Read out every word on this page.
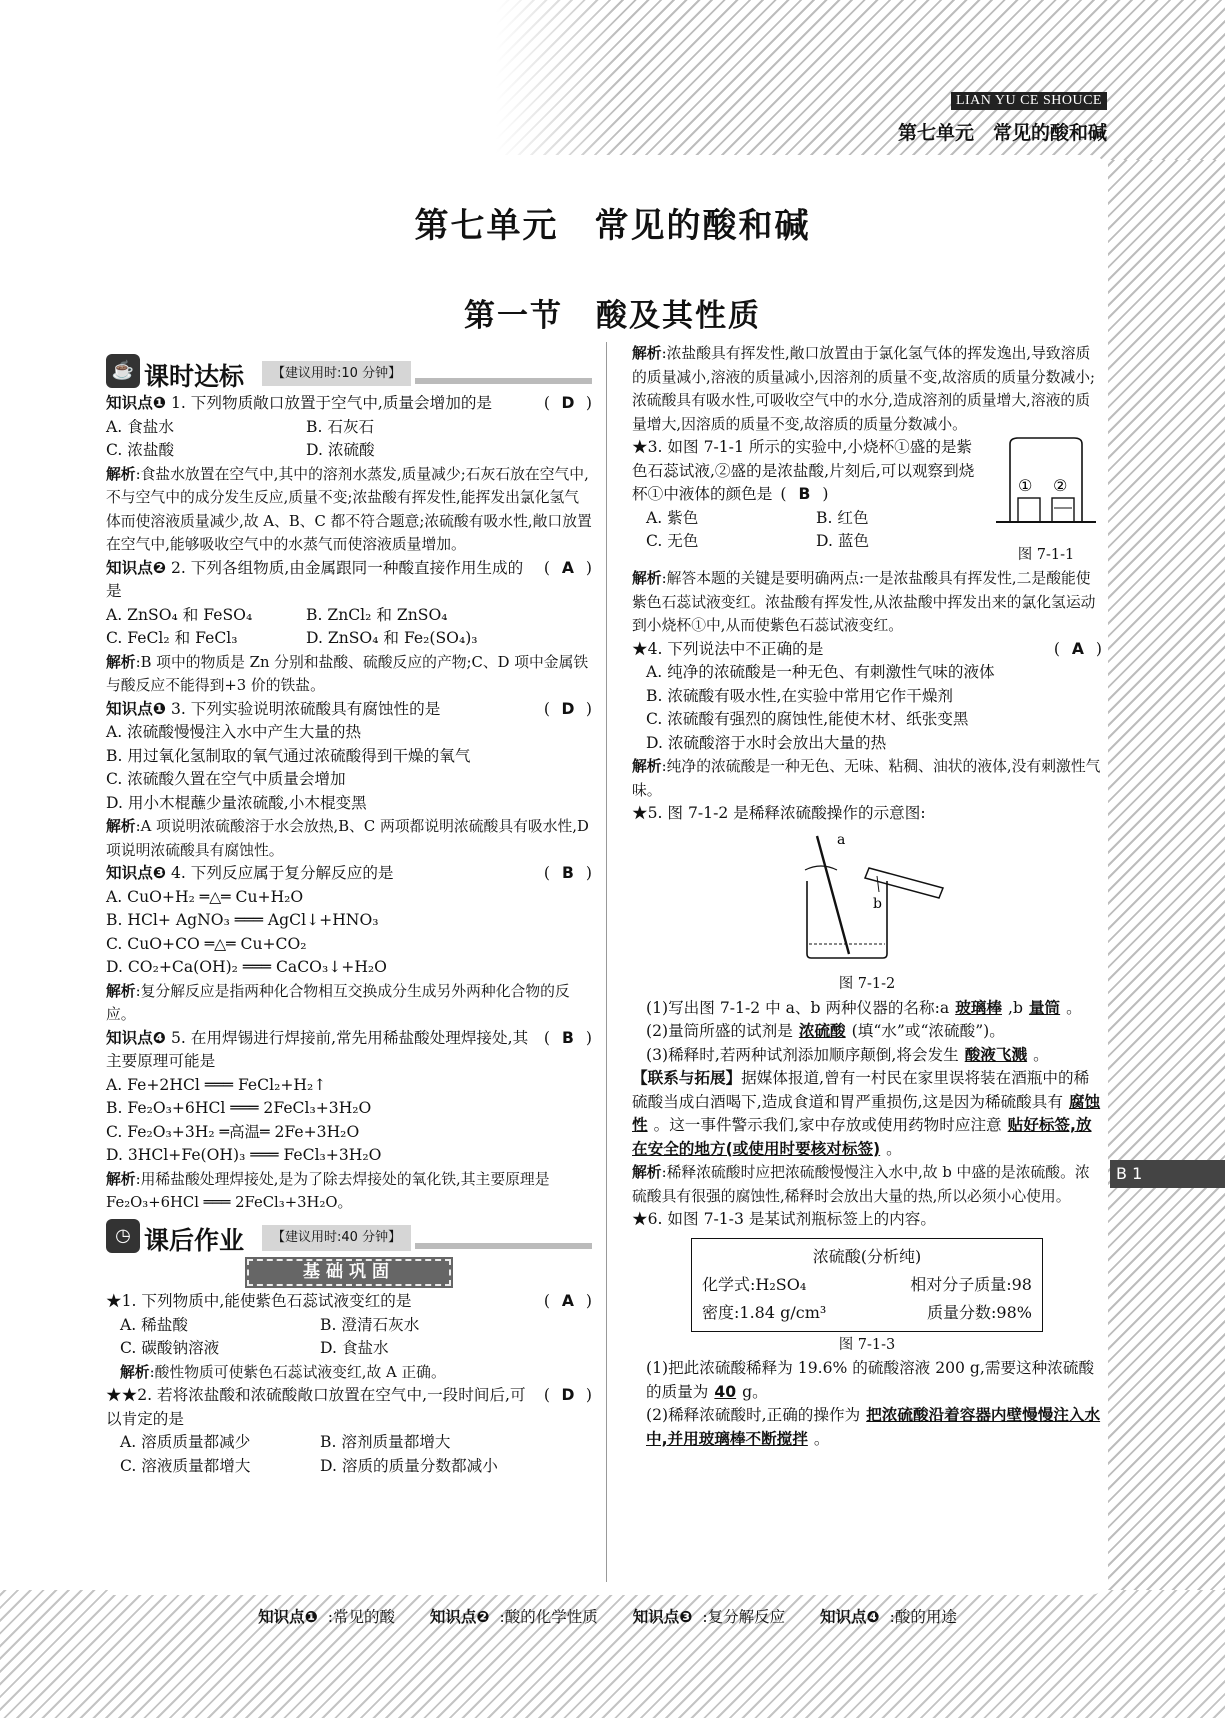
LIAN YU CE SHOUCE
第七单元　常见的酸和碱
第七单元　常见的酸和碱
第一节　酸及其性质
☕ 课时达标	【建议用时:10 分钟】

知识点❶ 1. 下列物质敞口放置于空气中,质量会增加的是	( D )
A. 食盐水	B. 石灰石
C. 浓盐酸	D. 浓硫酸

解析:食盐水放置在空气中,其中的溶剂水蒸发,质量减少;石灰石放在空气中,不与空气中的成分发生反应,质量不变;浓盐酸有挥发性,能挥发出氯化氢气体而使溶液质量减少,故 A、B、C 都不符合题意;浓硫酸有吸水性,敞口放置在空气中,能够吸收空气中的水蒸气而使溶液质量增加。

知识点❷ 2. 下列各组物质,由金属跟同一种酸直接作用生成的是

( A )
A. ZnSO₄ 和 FeSO₄	B. ZnCl₂ 和 ZnSO₄
C. FeCl₂ 和 FeCl₃	D. ZnSO₄ 和 Fe₂(SO₄)₃

解析:B 项中的物质是 Zn 分别和盐酸、硫酸反应的产物;C、D 项中金属铁与酸反应不能得到+3 价的铁盐。

知识点❶ 3. 下列实验说明浓硫酸具有腐蚀性的是	( D )

A. 浓硫酸慢慢注入水中产生大量的热

B. 用过氧化氢制取的氧气通过浓硫酸得到干燥的氧气

C. 浓硫酸久置在空气中质量会增加

D. 用小木棍蘸少量浓硫酸,小木棍变黑

解析:A 项说明浓硫酸溶于水会放热,B、C 两项都说明浓硫酸具有吸水性,D 项说明浓硫酸具有腐蚀性。

知识点❸ 4. 下列反应属于复分解反应的是	( B )

A. CuO+H₂ ═△═ Cu+H₂O

B. HCl+ AgNO₃ ═══ AgCl↓+HNO₃

C. CuO+CO ═△═ Cu+CO₂

D. CO₂+Ca(OH)₂ ═══ CaCO₃↓+H₂O

解析:复分解反应是指两种化合物相互交换成分生成另外两种化合物的反应。

知识点❹ 5. 在用焊锡进行焊接前,常先用稀盐酸处理焊接处,其主要原理可能是

( B )

A. Fe+2HCl ═══ FeCl₂+H₂↑

B. Fe₂O₃+6HCl ═══ 2FeCl₃+3H₂O

C. Fe₂O₃+3H₂ ═高温═ 2Fe+3H₂O

D. 3HCl+Fe(OH)₃ ═══ FeCl₃+3H₂O

解析:用稀盐酸处理焊接处,是为了除去焊接处的氧化铁,其主要原理是 Fe₂O₃+6HCl ═══ 2FeCl₃+3H₂O。

◷ 课后作业	【建议用时:40 分钟】
基础巩固

★1. 下列物质中,能使紫色石蕊试液变红的是	( A )
A. 稀盐酸	B. 澄清石灰水
C. 碳酸钠溶液	D. 食盐水

解析:酸性物质可使紫色石蕊试液变红,故 A 正确。

★★2. 若将浓盐酸和浓硫酸敞口放置在空气中,一段时间后,可以肯定的是

( D )
A. 溶质质量都减少	B. 溶剂质量都增大
C. 溶液质量都增大	D. 溶质的质量分数都减小

解析:浓盐酸具有挥发性,敞口放置由于氯化氢气体的挥发逸出,导致溶质的质量减小,溶液的质量减小,因溶剂的质量不变,故溶质的质量分数减小;浓硫酸具有吸水性,可吸收空气中的水分,造成溶剂的质量增大,溶液的质量增大,因溶质的质量不变,故溶质的质量分数减小。

① ②
图 7-1-1

★3. 如图 7-1-1 所示的实验中,小烧杯①盛的是紫色石蕊试液,②盛的是浓盐酸,片刻后,可以观察到烧杯①中液体的颜色是 ( B )

A. 紫色	B. 红色
C. 无色	D. 蓝色

解析:解答本题的关键是要明确两点:一是浓盐酸具有挥发性,二是酸能使紫色石蕊试液变红。浓盐酸有挥发性,从浓盐酸中挥发出来的氯化氢运动到小烧杯①中,从而使紫色石蕊试液变红。

★4. 下列说法中不正确的是	( A )

A. 纯净的浓硫酸是一种无色、有刺激性气味的液体

B. 浓硫酸有吸水性,在实验中常用它作干燥剂

C. 浓硫酸有强烈的腐蚀性,能使木材、纸张变黑

D. 浓硫酸溶于水时会放出大量的热

解析:纯净的浓硫酸是一种无色、无味、粘稠、油状的液体,没有刺激性气味。

★5. 图 7-1-2 是稀释浓硫酸操作的示意图:

a
b
图 7-1-2

(1)写出图 7-1-2 中 a、b 两种仪器的名称:a 玻璃棒 ,b 量筒 。

(2)量筒所盛的试剂是 浓硫酸 (填“水”或“浓硫酸”)。

(3)稀释时,若两种试剂添加顺序颠倒,将会发生 酸液飞溅 。

【联系与拓展】据媒体报道,曾有一村民在家里误将装在酒瓶中的稀硫酸当成白酒喝下,造成食道和胃严重损伤,这是因为稀硫酸具有 腐蚀性 。这一事件警示我们,家中存放或使用药物时应注意 贴好标签,放在安全的地方(或使用时要核对标签) 。

解析:稀释浓硫酸时应把浓硫酸慢慢注入水中,故 b 中盛的是浓硫酸。浓硫酸具有很强的腐蚀性,稀释时会放出大量的热,所以必须小心使用。

★6. 如图 7-1-3 是某试剂瓶标签上的内容。

浓硫酸(分析纯)
化学式:H₂SO₄	相对分子质量:98
密度:1.84 g/cm³	质量分数:98%
图 7-1-3

(1)把此浓硫酸稀释为 19.6% 的硫酸溶液 200 g,需要这种浓硫酸的质量为 40 g。

(2)稀释浓硫酸时,正确的操作为 把浓硫酸沿着容器内壁慢慢注入水中,并用玻璃棒不断搅拌 。

B 1
知识点❶ :常见的酸 知识点❷ :酸的化学性质 知识点❸ :复分解反应 知识点❹ :酸的用途
